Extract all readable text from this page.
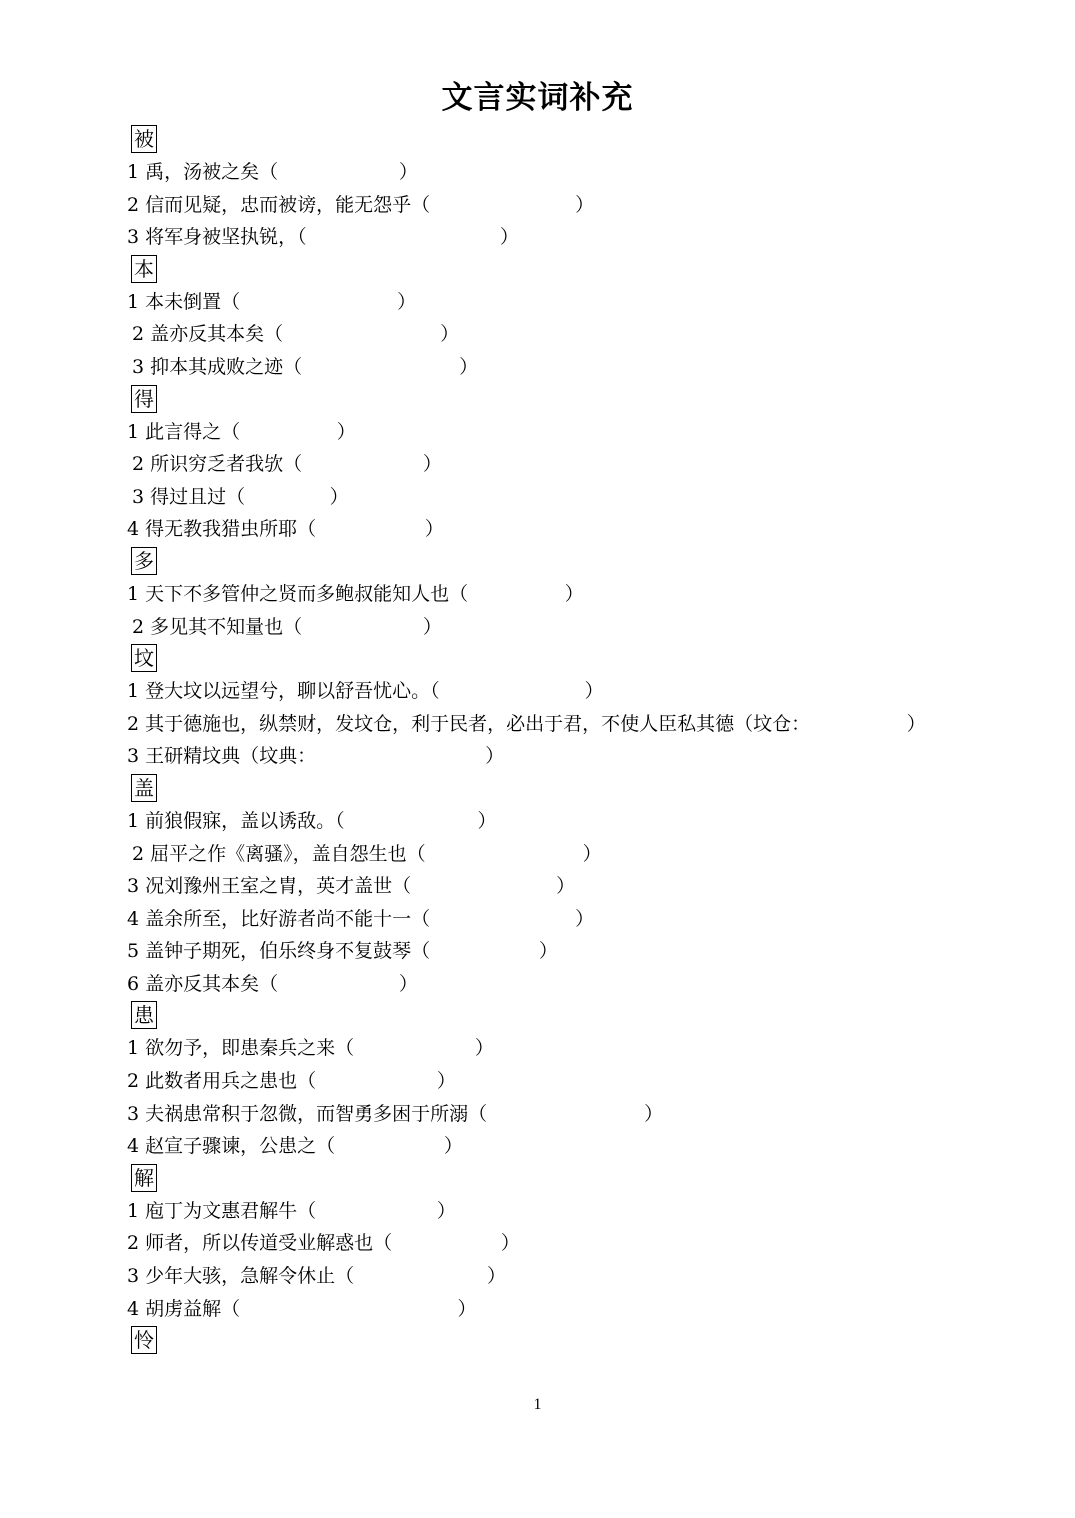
文言实词补充
被
1 禹，汤被之矣（                    ）
2 信而见疑，忠而被谤，能无怨乎（                        ）
3 将军身被坚执锐，（                                ）
本
1 本未倒置（                          ）
2 盖亦反其本矣（                          ）
3 抑本其成败之迹（                          ）
得
1 此言得之（                ）
2 所识穷乏者我欤（                    ）
3 得过且过（              ）
4 得无教我猎虫所耶（                  ）
多
1 天下不多管仲之贤而多鲍叔能知人也（                ）
2 多见其不知量也（                    ）
坟
1 登大坟以远望兮，聊以舒吾忧心。（                        ）
2 其于德施也，纵禁财，发坟仓，利于民者，必出于君，不使人臣私其德（坟仓：                ）
3 王研精坟典（坟典：                            ）
盖
1 前狼假寐，盖以诱敌。（                      ）
2 屈平之作《离骚》，盖自怨生也（                          ）
3 况刘豫州王室之胄，英才盖世（                        ）
4 盖余所至，比好游者尚不能十一（                        ）
5 盖钟子期死，伯乐终身不复鼓琴（                  ）
6 盖亦反其本矣（                    ）
患
1 欲勿予，即患秦兵之来（                    ）
2 此数者用兵之患也（                    ）
3 夫祸患常积于忽微，而智勇多困于所溺（                          ）
4 赵宣子骤谏，公患之（                  ）
解
1 庖丁为文惠君解牛（                    ）
2 师者，所以传道受业解惑也（                  ）
3 少年大骇，急解令休止（                      ）
4 胡虏益解（                                    ）
怜
1
